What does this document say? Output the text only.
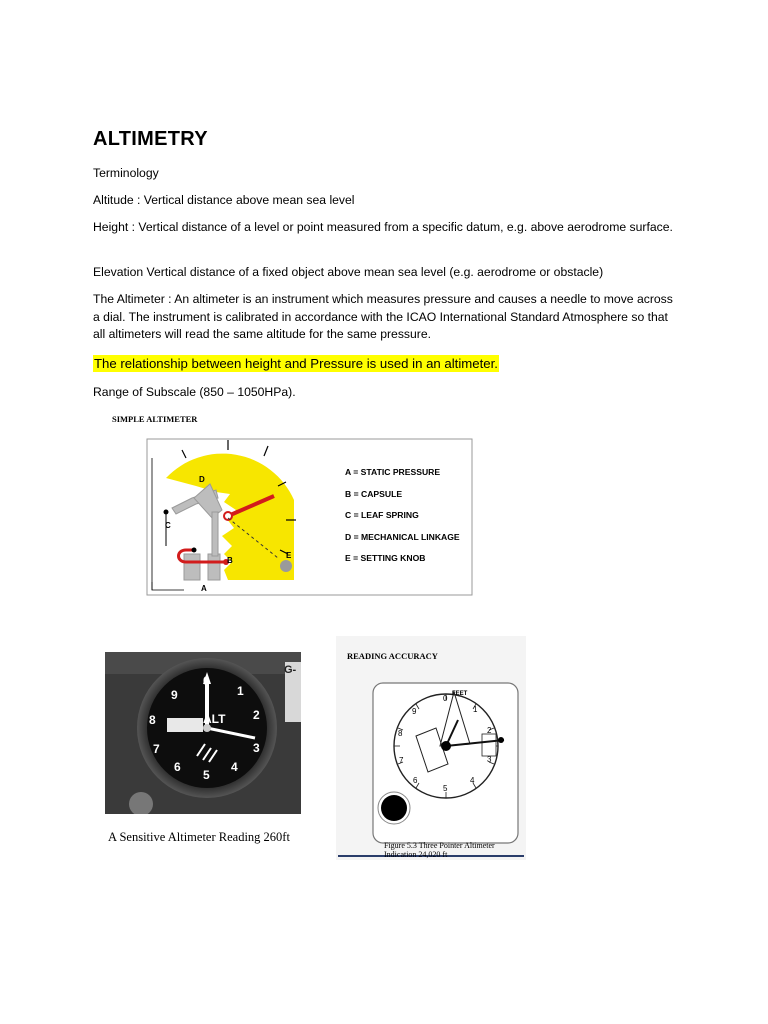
ALTIMETRY
Terminology
Altitude : Vertical distance above mean sea level
Height : Vertical distance of a level or point measured from a specific datum, e.g. above aerodrome surface.
Elevation Vertical distance of a fixed object above mean sea level (e.g. aerodrome or obstacle)
The Altimeter : An altimeter is an instrument which measures pressure and causes a needle to move across a dial. The instrument is calibrated in accordance with the ICAO International Standard Atmosphere so that all altimeters will read the same altitude for the same pressure.
The relationship between height and Pressure is used in an altimeter.
Range of Subscale (850 – 1050HPa).
SIMPLE ALTIMETER
D
C
B
E
A
A = STATIC PRESSURE
B = CAPSULE
C = LEAF SPRING
D = MECHANICAL LINKAGE
E = SETTING KNOB
0
1
2
3
4
5
6
7
8
9
ALT
G-
A Sensitive Altimeter Reading 260ft
READING ACCURACY
FEET
0
1
2
3
4
5
6
7
8
9
Figure 5.3 Three Pointer Altimeter
Indication 24,020 ft
